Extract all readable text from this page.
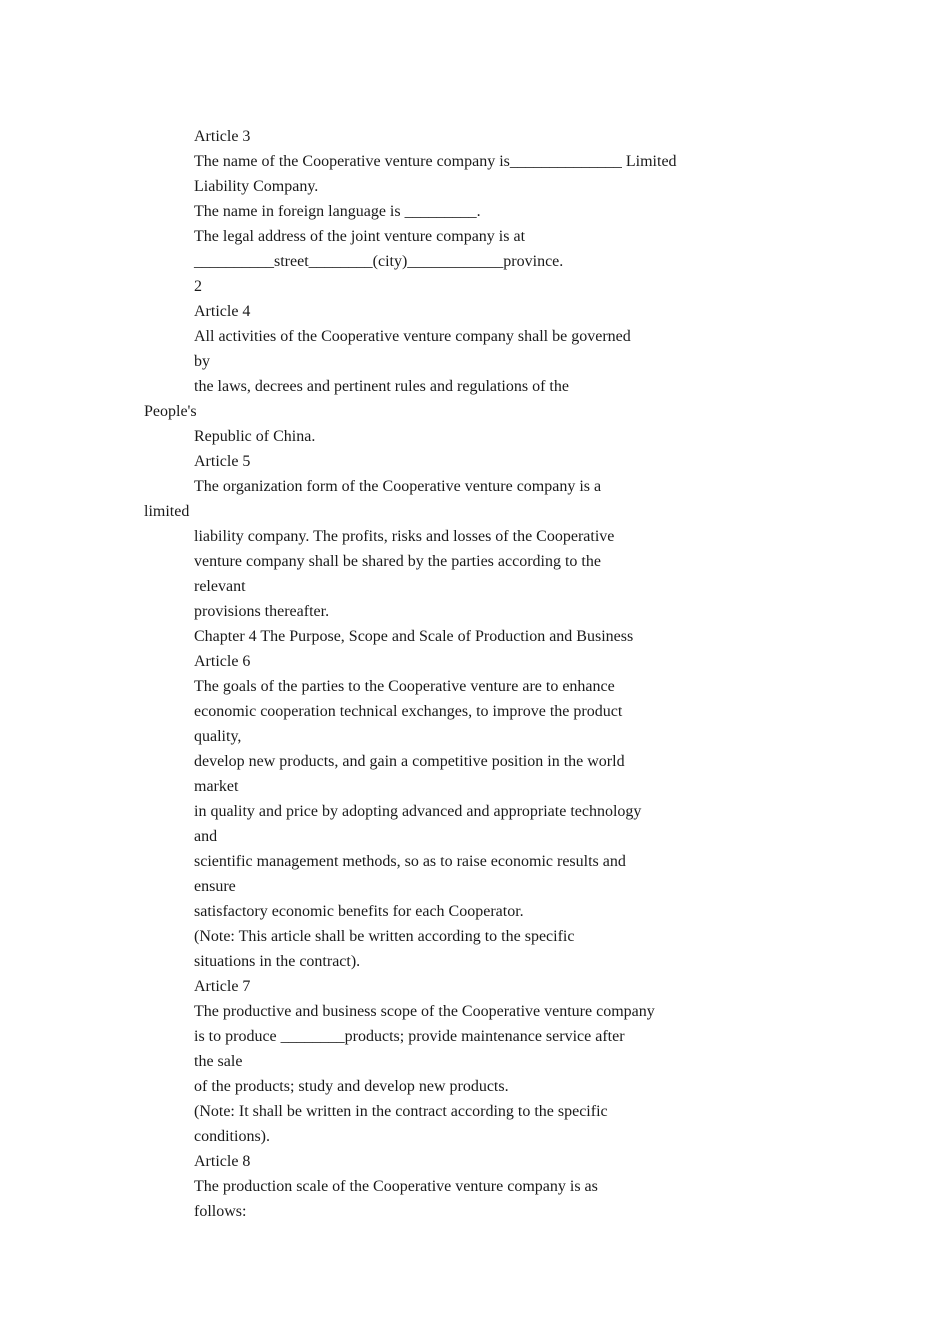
Article 3
The name of the Cooperative venture company is______________ Limited
Liability Company.
The name in foreign language is _________.
The legal address of the joint venture company is at
__________street________(city)____________province.
2
Article 4
All activities of the Cooperative venture company shall be governed
by
the laws, decrees and pertinent rules and regulations of the
People's
Republic of China.
Article 5
The organization form of the Cooperative venture company is a
limited
liability company. The profits, risks and losses of the Cooperative
venture company shall be shared by the parties according to the
relevant
provisions thereafter.
Chapter 4 The Purpose, Scope and Scale of Production and Business
Article 6
The goals of the parties to the Cooperative venture are to enhance
economic cooperation technical exchanges, to improve the product
quality,
develop new products, and gain a competitive position in the world
market
in quality and price by adopting advanced and appropriate technology
and
scientific management methods, so as to raise economic results and
ensure
satisfactory economic benefits for each Cooperator.
(Note: This article shall be written according to the specific
situations in the contract).
Article 7
The productive and business scope of the Cooperative venture company
is to produce ________products; provide maintenance service after
the sale
of the products; study and develop new products.
(Note: It shall be written in the contract according to the specific
conditions).
Article 8
The production scale of the Cooperative venture company is as
follows:
